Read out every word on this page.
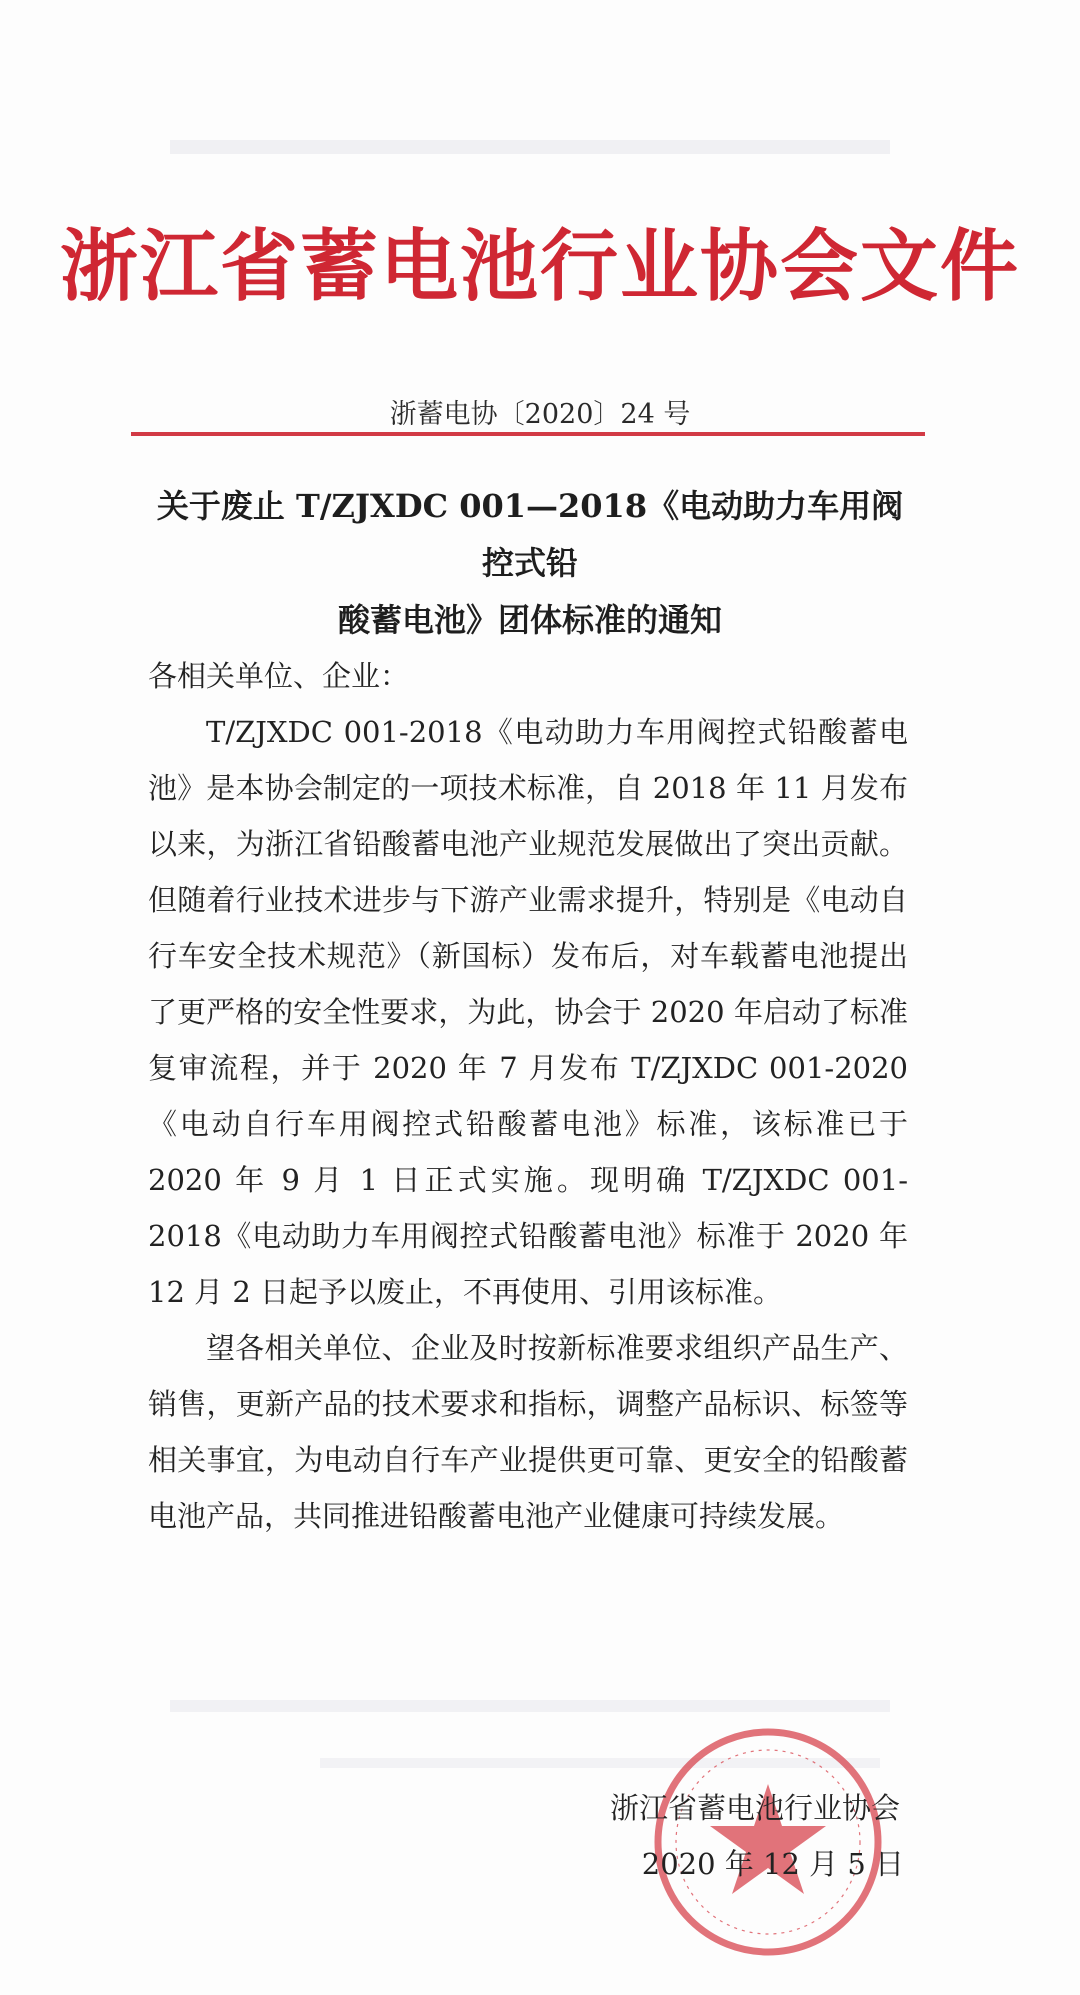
浙江省蓄电池行业协会文件
浙蓄电协〔2020〕24 号
关于废止 T/ZJXDC 001—2018《电动助力车用阀控式铅
酸蓄电池》团体标准的通知

各相关单位、企业：

T/ZJXDC 001-2018《电动助力车用阀控式铅酸蓄电池》是本协会制定的一项技术标准，自 2018 年 11 月发布以来，为浙江省铅酸蓄电池产业规范发展做出了突出贡献。但随着行业技术进步与下游产业需求提升，特别是《电动自行车安全技术规范》（新国标）发布后，对车载蓄电池提出了更严格的安全性要求，为此，协会于 2020 年启动了标准复审流程，并于 2020 年 7 月发布 T/ZJXDC 001-2020《电动自行车用阀控式铅酸蓄电池》标准，该标准已于 2020 年 9 月 1 日正式实施。现明确 T/ZJXDC 001-2018《电动助力车用阀控式铅酸蓄电池》标准于 2020 年 12 月 2 日起予以废止，不再使用、引用该标准。

望各相关单位、企业及时按新标准要求组织产品生产、销售，更新产品的技术要求和指标，调整产品标识、标签等相关事宜，为电动自行车产业提供更可靠、更安全的铅酸蓄电池产品，共同推进铅酸蓄电池产业健康可持续发展。

浙江省蓄电池行业协会
2020 年 12 月 5 日
